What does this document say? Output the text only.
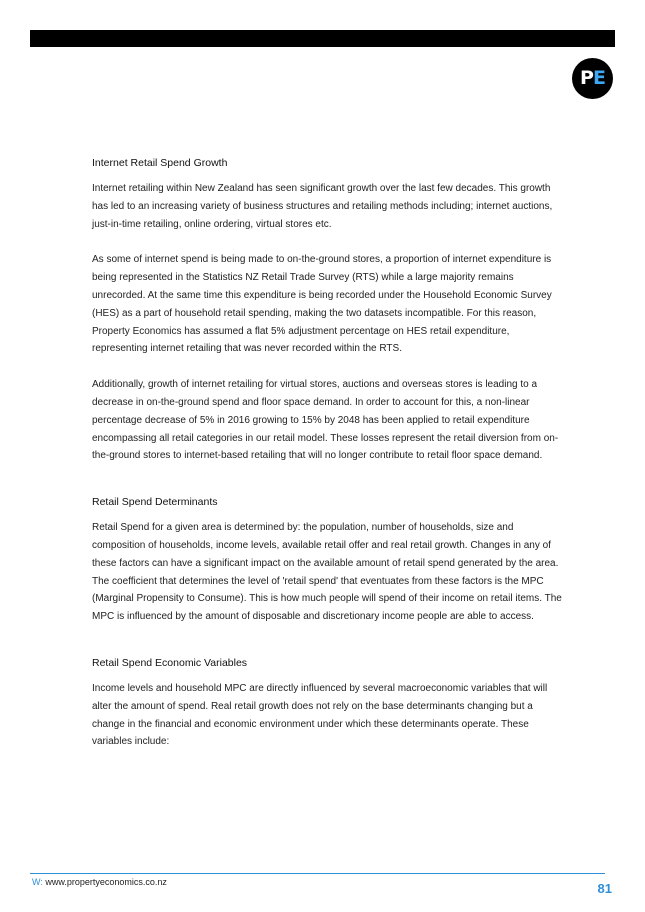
PE
Internet Retail Spend Growth

Internet retailing within New Zealand has seen significant growth over the last few decades. This growth has led to an increasing variety of business structures and retailing methods including; internet auctions, just-in-time retailing, online ordering, virtual stores etc.

As some of internet spend is being made to on-the-ground stores, a proportion of internet expenditure is being represented in the Statistics NZ Retail Trade Survey (RTS) while a large majority remains unrecorded. At the same time this expenditure is being recorded under the Household Economic Survey (HES) as a part of household retail spending, making the two datasets incompatible. For this reason, Property Economics has assumed a flat 5% adjustment percentage on HES retail expenditure, representing internet retailing that was never recorded within the RTS.

Additionally, growth of internet retailing for virtual stores, auctions and overseas stores is leading to a decrease in on-the-ground spend and floor space demand. In order to account for this, a non-linear percentage decrease of 5% in 2016 growing to 15% by 2048 has been applied to retail expenditure encompassing all retail categories in our retail model. These losses represent the retail diversion from on-the-ground stores to internet-based retailing that will no longer contribute to retail floor space demand.

Retail Spend Determinants

Retail Spend for a given area is determined by: the population, number of households, size and composition of households, income levels, available retail offer and real retail growth. Changes in any of these factors can have a significant impact on the available amount of retail spend generated by the area. The coefficient that determines the level of 'retail spend' that eventuates from these factors is the MPC (Marginal Propensity to Consume). This is how much people will spend of their income on retail items. The MPC is influenced by the amount of disposable and discretionary income people are able to access.

Retail Spend Economic Variables

Income levels and household MPC are directly influenced by several macroeconomic variables that will alter the amount of spend. Real retail growth does not rely on the base determinants changing but a change in the financial and economic environment under which these determinants operate. These variables include:

W: www.propertyeconomics.co.nz	81
